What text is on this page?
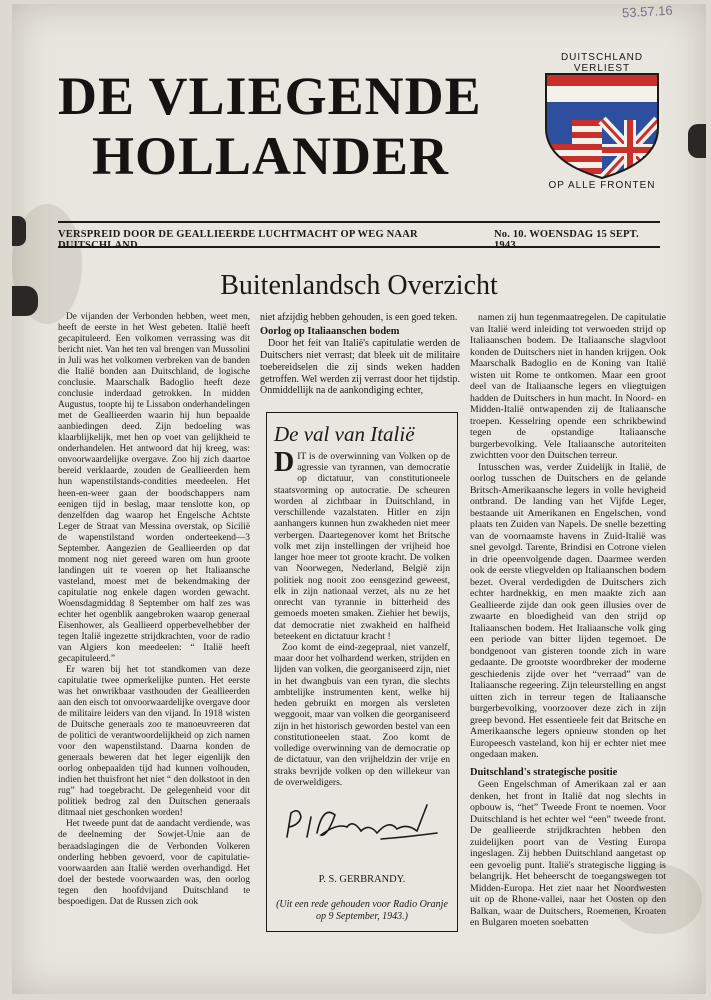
53.57.16
DE VLIEGENDE
HOLLANDER
DUITSCHLAND VERLIEST
OP ALLE FRONTEN
VERSPREID DOOR DE GEALLIEERDE LUCHTMACHT OP WEG NAAR	No. 10. WOENSDAG 15 SEPT.
Buitenlandsch Overzicht

De vijanden der Verbonden hebben, weet men, heeft de eerste in het West gebeten. Italië heeft gecapituleerd. Een volkomen verrassing was dit bericht niet. Van het ten val brengen van Mussolini in Juli was het volkomen verbreken van de banden die Italië bonden aan Duitschland, de logische conclusie. Maarschalk Badoglio heeft deze conclusie inderdaad getrokken. In midden Augustus, toopte hij te Lissabon onderhandelingen met de Geallieerden waarin hij hun bepaalde aanbiedingen deed. Zijn bedoeling was klaarblijkelijk, met hen op voet van gelijkheid te onderhandelen. Het antwoord dat hij kreeg, was: onvoorwaardelijke overgave. Zoo hij zich daartoe bereid verklaarde, zouden de Geallieerden hem hun wapenstilstands-condities meedeelen. Het heen-en-weer gaan der boodschappers nam eenigen tijd in beslag, maar tenslotte kon, op denzelfden dag waarop het Engelsche Achtste Leger de Straat van Messina overstak, op Sicilië de wapenstilstand worden onderteekend—3 September. Aangezien de Geallieerden op dat moment nog niet gereed waren om hun groote landingen uit te voeren op het Italiaansche vasteland, moest met de bekendmaking der capitulatie nog enkele dagen worden gewacht. Woensdagmiddag 8 September om half zes was echter het ogenblik aangebroken waarop generaal Eisenhower, als Geallieerd opperbevelhebber der tegen Italië ingezette strijdkrachten, voor de radio van Algiers kon meedeelen: “ Italië heeft gecapituleerd.”

Er waren bij het tot standkomen van deze capitulatie twee opmerkelijke punten. Het eerste was het onwrikbaar vasthouden der Geallieerden aan den eisch tot onvoorwaardelijke overgave door de militaire leiders van den vijand. In 1918 wisten de Duitsche generaals zoo te manoeuvreeren dat de politici de verantwoordelijkheid op zich namen voor den wapenstilstand. Daarna konden de generaals beweren dat het leger eigenlijk den oorlog onbepaalden tijd had kunnen volhouden, indien het thuisfront het niet “ den dolkstoot in den rug” had toegebracht. De gelegenheid voor dit politiek bedrog zal den Duitschen generaals ditmaal niet geschonken worden!

Het tweede punt dat de aandacht verdiende, was de deelneming der Sowjet-Unie aan de beraadslagingen die de Verbonden Volkeren onderling hebben gevoerd, voor de capitulatie-voorwaarden aan Italië werden overhandigd. Het doel der bestede voorwaarden was, den oorlog tegen den hoofdvijand Duitschland te bespoedigen. Dat de Russen zich ook

niet afzijdig hebben gehouden, is een goed teken.

Oorlog op Italiaanschen bodem

Door het feit van Italië's capitulatie werden de Duitschers niet verrast; dat bleek uit de militaire toebereidselen die zij sinds weken hadden getroffen. Wel werden zij verrast door het tijdstip. Onmiddellijk na de aankondiging echter,

De val van Italië

DIT is de overwinning van Volken op de agressie van tyrannen, van democratie op dictatuur, van constitutioneele staatsvorming op autocratie. De scheuren worden al zichtbaar in Duitschland, in verschillende vazalstaten. Hitler en zijn aanhangers kunnen hun zwakheden niet meer verbergen. Daartegenover komt het Britsche volk met zijn instellingen der vrijheid hoe langer hoe meer tot groote kracht. De volken van Noorwegen, Nederland, België zijn politiek nog nooit zoo eensgezind geweest, elk in zijn nationaal verzet, als nu ze het onrecht van tyrannie in bitterheid des gemoeds moeten smaken. Ziehier het bewijs, dat democratie niet zwakheid en halfheid beteekent en dictatuur kracht !

Zoo komt de eind-zegepraal, niet vanzelf, maar door het volhardend werken, strijden en lijden van volken, die georganiseerd zijn, niet in het dwangbuis van een tyran, die slechts ambtelijke instrumenten kent, welke hij heden gebruikt en morgen als versleten weggooit, maar van volken die georganiseerd zijn in het historisch geworden bestel van een constitutioneelen staat. Zoo komt de volledige overwinning van de democratie op de dictatuur, van den vrijheldzin der vrije en straks bevrijde volken op den willekeur van de overweldigers.

P. S. GERBRANDY.
(Uit een rede gehouden voor Radio Oranje op 9 September, 1943.)

namen zij hun tegenmaatregelen. De capitulatie van Italië werd inleiding tot verwoeden strijd op Italiaanschen bodem. De Italiaansche slagvloot konden de Duitschers niet in handen krijgen. Ook Maarschalk Badoglio en de Koning van Italië wisten uit Rome te ontkomen. Maar een groot deel van de Italiaansche legers en vliegtuigen hadden de Duitschers in hun macht. In Noord- en Midden-Italië ontwapenden zij de Italiaansche troepen. Kesselring opende een schrikbewind tegen de opstandige Italiaansche burgerbevolking. Vele Italiaansche autoriteiten zwichtten voor den Duitschen terreur.

Intusschen was, verder Zuidelijk in Italië, de oorlog tusschen de Duitschers en de gelande Britsch-Amerikaansche legers in volle hevigheid ontbrand. De landing van het Vijfde Leger, bestaande uit Amerikanen en Engelschen, vond plaats ten Zuiden van Napels. De snelle bezetting van de voornaamste havens in Zuid-Italië was snel gevolgd. Tarente, Brindisi en Cotrone vielen in drie opeenvolgende dagen. Daarmee werden ook de eerste vliegvelden op Italiaanschen bodem bezet. Overal verdedigden de Duitschers zich echter hardnekkig, en men maakte zich aan Geallieerde zijde dan ook geen illusies over de zwaarte en bloedigheid van den strijd op Italiaanschen bodem. Het Italiaansche volk ging een periode van bitter lijden tegemoet. De bondgenoot van gisteren toonde zich in ware gedaante. De grootste woordbreker der moderne geschiedenis zijde over het “verraad” van de Italiaansche regeering. Zijn teleurstelling en angst uitten zich in terreur tegen de Italiaansche burgerbevolking, voorzoover deze zich in zijn greep bevond. Het essentieele feit dat Britsche en Amerikaansche legers opnieuw stonden op het Europeesch vasteland, kon hij er echter niet mee ongedaan maken.

Duitschland's strategische positie

Geen Engelschman of Amerikaan zal er aan denken, het front in Italië dat nog slechts in opbouw is, “het” Tweede Front te noemen. Voor Duitschland is het echter wel “een” tweede front. De geallieerde strijdkrachten hebben den zuidelijken poort van de Vesting Europa ingeslagen. Zij hebben Duitschland aangetast op een gevoelig punt. Italië's strategische ligging is belangrijk. Het beheerscht de toegangswegen tot Midden-Europa. Het ziet naar het Noordwesten uit op de Rhone-vallei, naar het Oosten op den Balkan, waar de Duitschers, Roemenen, Kroaten en Bulgaren moeten soebatten
